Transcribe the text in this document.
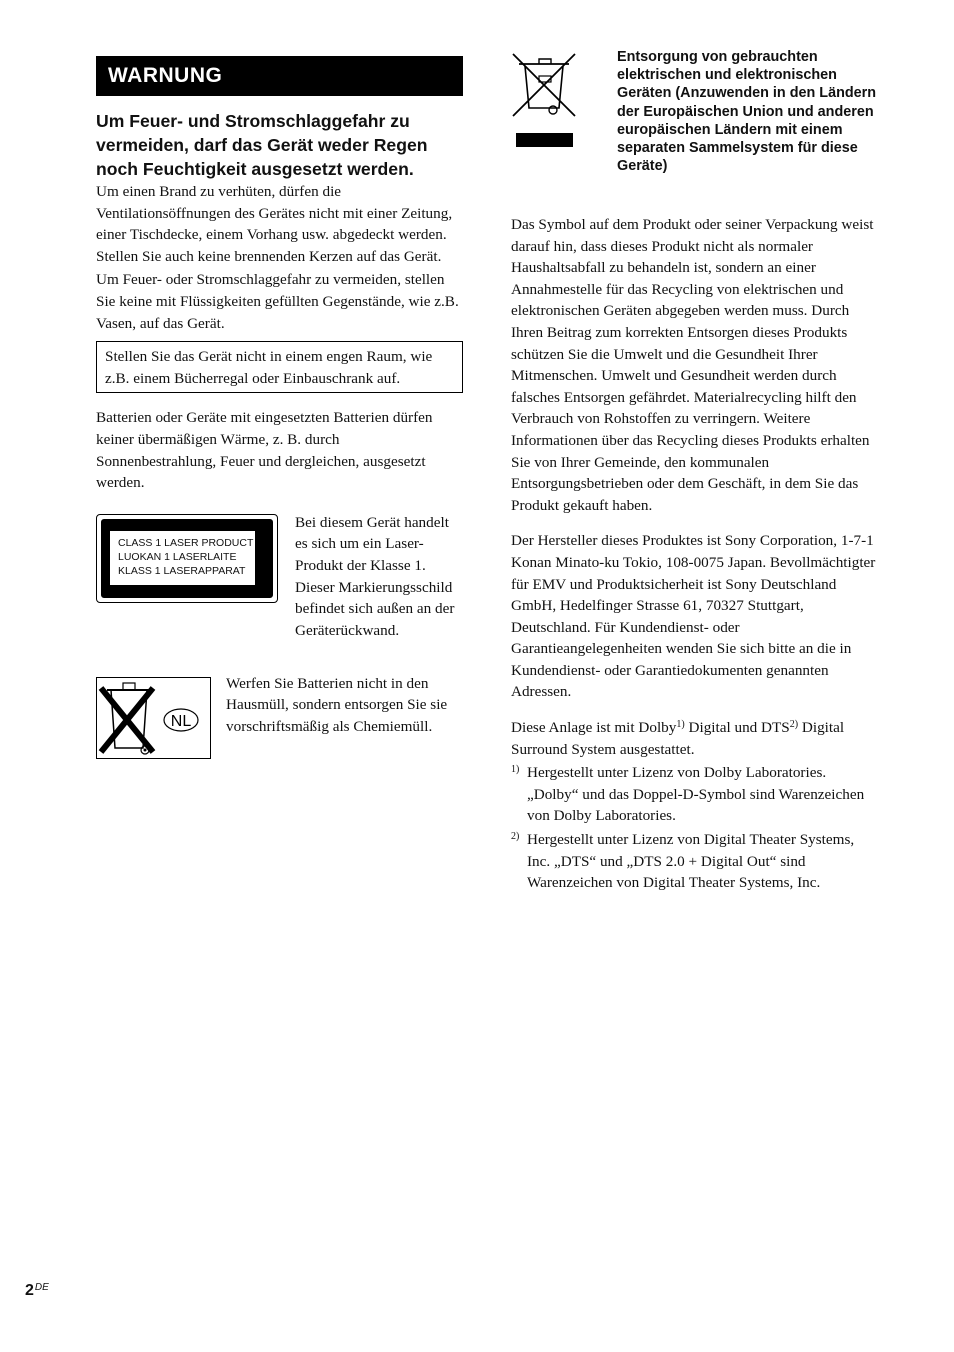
WARNUNG
Um Feuer- und Stromschlaggefahr zu vermeiden, darf das Gerät weder Regen noch Feuchtigkeit ausgesetzt werden.

Um einen Brand zu verhüten, dürfen die Ventilationsöffnungen des Gerätes nicht mit einer Zeitung, einer Tischdecke, einem Vorhang usw. abgedeckt werden. Stellen Sie auch keine brennenden Kerzen auf das Gerät.

Um Feuer- oder Stromschlaggefahr zu vermeiden, stellen Sie keine mit Flüssigkeiten gefüllten Gegenstände, wie z.B. Vasen, auf das Gerät.

Stellen Sie das Gerät nicht in einem engen Raum, wie z.B. einem Bücherregal oder Einbauschrank auf.

Batterien oder Geräte mit eingesetzten Batterien dürfen keiner übermäßigen Wärme, z. B. durch Sonnenbestrahlung, Feuer und dergleichen, ausgesetzt werden.

CLASS 1 LASER PRODUCT
LUOKAN 1 LASERLAITE
KLASS 1 LASERAPPARAT

Bei diesem Gerät handelt es sich um ein Laser-Produkt der Klasse 1. Dieser Markierungsschild befindet sich außen an der Geräterückwand.

NL

Werfen Sie Batterien nicht in den Hausmüll, sondern entsorgen Sie sie vorschriftsmäßig als Chemiemüll.

Entsorgung von gebrauchten elektrischen und elektronischen Geräten (Anzuwenden in den Ländern der Europäischen Union und anderen europäischen Ländern mit einem separaten Sammelsystem für diese Geräte)

Das Symbol auf dem Produkt oder seiner Verpackung weist darauf hin, dass dieses Produkt nicht als normaler Haushaltsabfall zu behandeln ist, sondern an einer Annahmestelle für das Recycling von elektrischen und elektronischen Geräten abgegeben werden muss. Durch Ihren Beitrag zum korrekten Entsorgen dieses Produkts schützen Sie die Umwelt und die Gesundheit Ihrer Mitmenschen. Umwelt und Gesundheit werden durch falsches Entsorgen gefährdet. Materialrecycling hilft den Verbrauch von Rohstoffen zu verringern. Weitere Informationen über das Recycling dieses Produkts erhalten Sie von Ihrer Gemeinde, den kommunalen Entsorgungsbetrieben oder dem Geschäft, in dem Sie das Produkt gekauft haben.

Der Hersteller dieses Produktes ist Sony Corporation, 1-7-1 Konan Minato-ku Tokio, 108-0075 Japan. Bevollmächtigter für EMV und Produktsicherheit ist Sony Deutschland GmbH, Hedelfinger Strasse 61, 70327 Stuttgart, Deutschland. Für Kundendienst- oder Garantieangelegenheiten wenden Sie sich bitte an die in Kundendienst- oder Garantiedokumenten genannten Adressen.

Diese Anlage ist mit Dolby$^{1)}$ Digital und DTS$^{2)}$ Digital Surround System ausgestattet.

1) Hergestellt unter Lizenz von Dolby Laboratories. „Dolby“ und das Doppel-D-Symbol sind Warenzeichen von Dolby Laboratories.
2) Hergestellt unter Lizenz von Digital Theater Systems, Inc. „DTS“ und „DTS 2.0 + Digital Out“ sind Warenzeichen von Digital Theater Systems, Inc.
2DE
